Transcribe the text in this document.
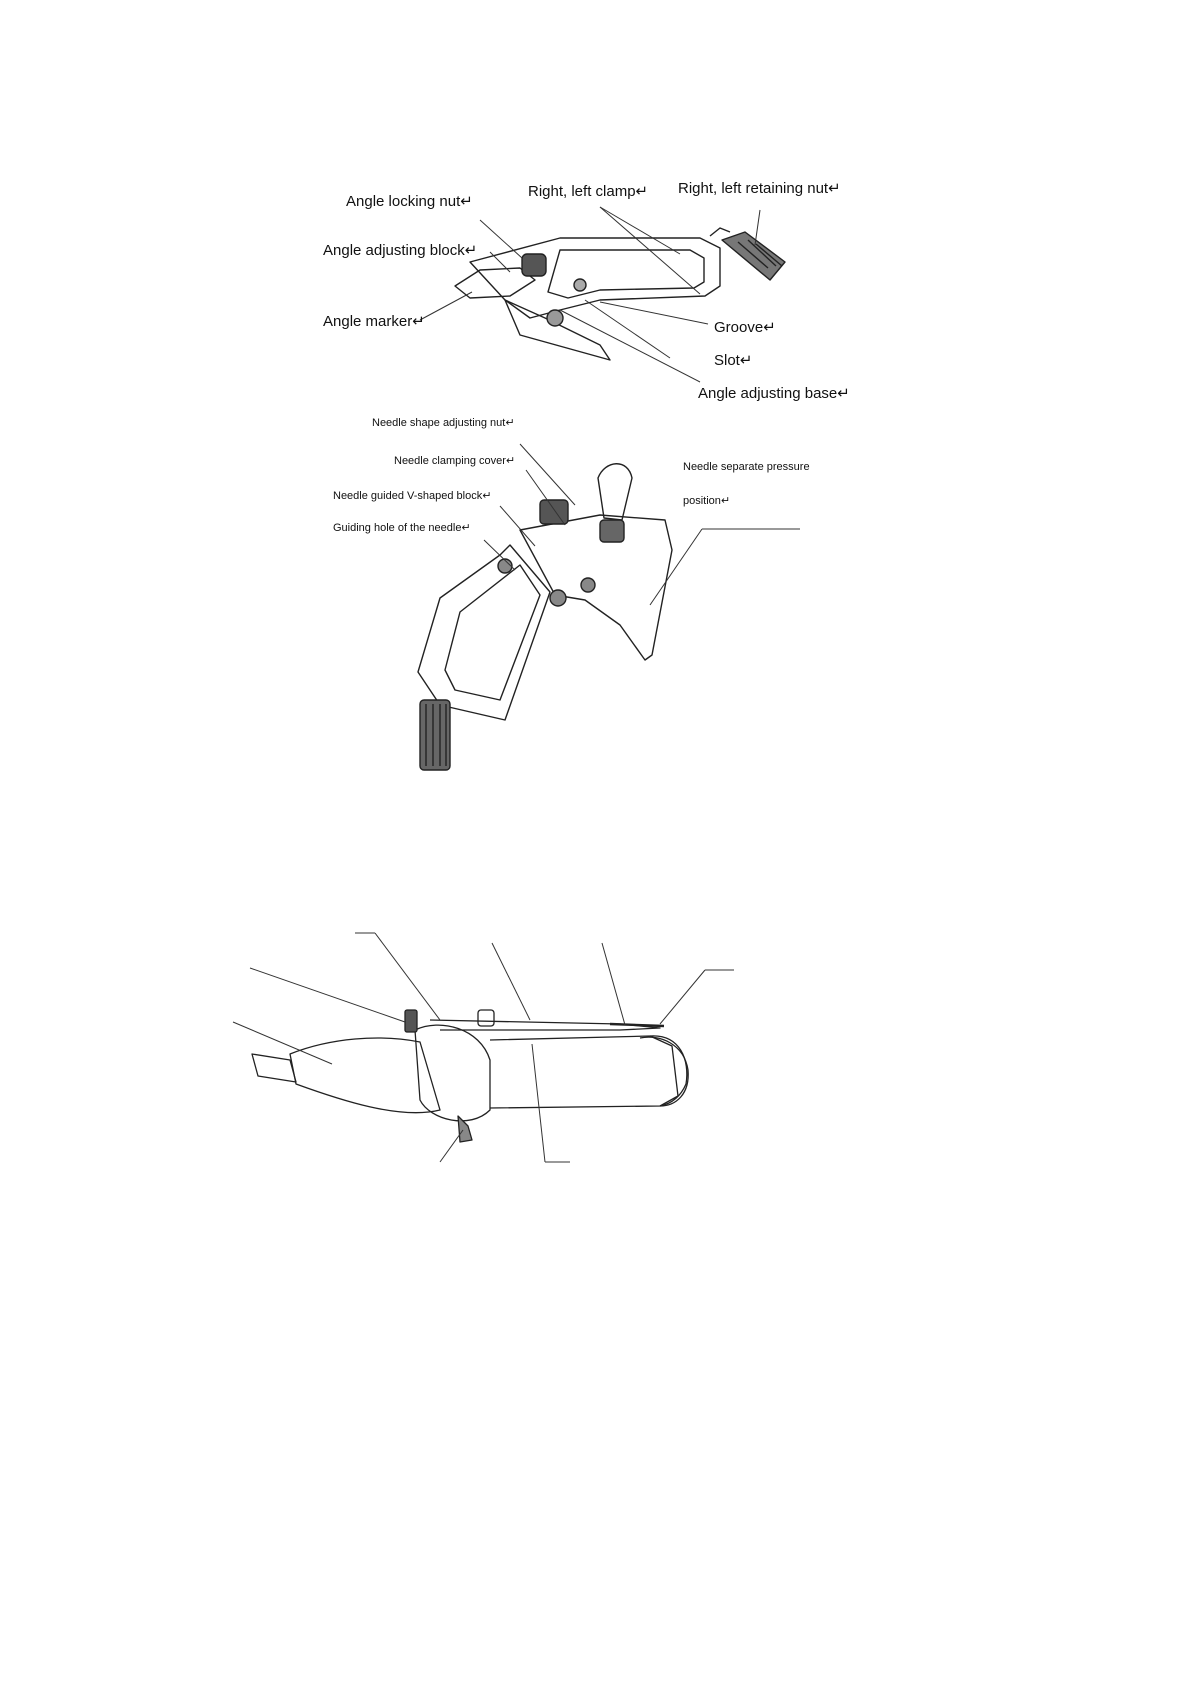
Angle locking nut↵
Right, left clamp↵ Right, left retaining nut↵
Angle adjusting block↵
Angle marker↵	Groove↵
Slot↵
Angle adjusting base↵
Needle shape adjusting nut↵
Needle clamping cover↵
Needle guided V-shaped block↵
Guiding hole of the needle↵
Needle separate pressure
position↵
